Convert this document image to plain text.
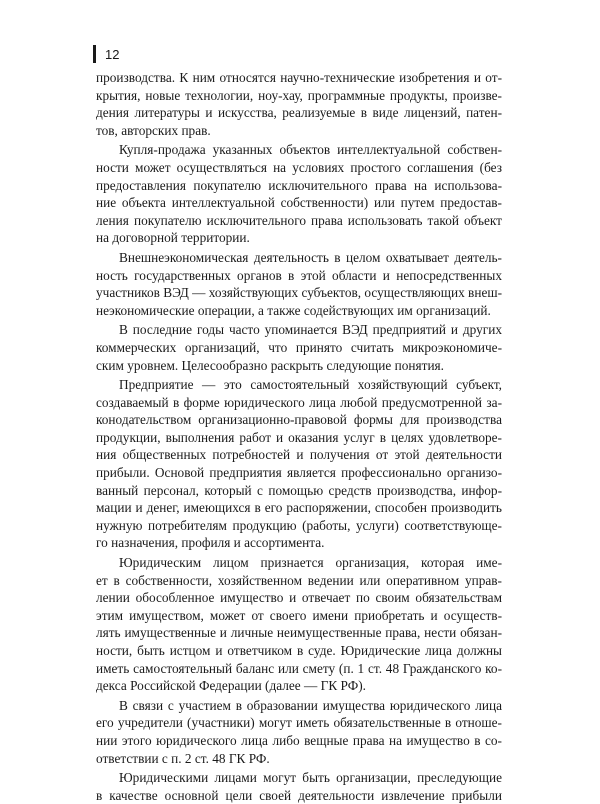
12

производства. К ним относятся научно-технические изобретения и от-
крытия, новые технологии, ноу-хау, программные продукты, произве-
дения литературы и искусства, реализуемые в виде лицензий, патен-
тов, авторских прав.

Купля-продажа указанных объектов интеллектуальной собствен-
ности может осуществляться на условиях простого соглашения (без
предоставления покупателю исключительного права на использова-
ние объекта интеллектуальной собственности) или путем предостав-
ления покупателю исключительного права использовать такой объект
на договорной территории.

Внешнеэкономическая деятельность в целом охватывает деятель-
ность государственных органов в этой области и непосредственных
участников ВЭД — хозяйствующих субъектов, осуществляющих внеш-
неэкономические операции, а также содействующих им организаций.

В последние годы часто упоминается ВЭД предприятий и других
коммерческих организаций, что принято считать микроэкономиче-
ским уровнем. Целесообразно раскрыть следующие понятия.

Предприятие — это самостоятельный хозяйствующий субъект,
создаваемый в форме юридического лица любой предусмотренной за-
конодательством организационно-правовой формы для производства
продукции, выполнения работ и оказания услуг в целях удовлетворе-
ния общественных потребностей и получения от этой деятельности
прибыли. Основой предприятия является профессионально организо-
ванный персонал, который с помощью средств производства, инфор-
мации и денег, имеющихся в его распоряжении, способен производить
нужную потребителям продукцию (работы, услуги) соответствующе-
го назначения, профиля и ассортимента.

Юридическим лицом признается организация, которая име-
ет в собственности, хозяйственном ведении или оперативном управ-
лении обособленное имущество и отвечает по своим обязательствам
этим имуществом, может от своего имени приобретать и осуществ-
лять имущественные и личные неимущественные права, нести обязан-
ности, быть истцом и ответчиком в суде. Юридические лица должны
иметь самостоятельный баланс или смету (п. 1 ст. 48 Гражданского ко-
декса Российской Федерации (далее — ГК РФ).

В связи с участием в образовании имущества юридического лица
его учредители (участники) могут иметь обязательственные в отноше-
нии этого юридического лица либо вещные права на имущество в со-
ответствии с п. 2 ст. 48 ГК РФ.

Юридическими лицами могут быть организации, преследующие
в качестве основной цели своей деятельности извлечение прибыли
